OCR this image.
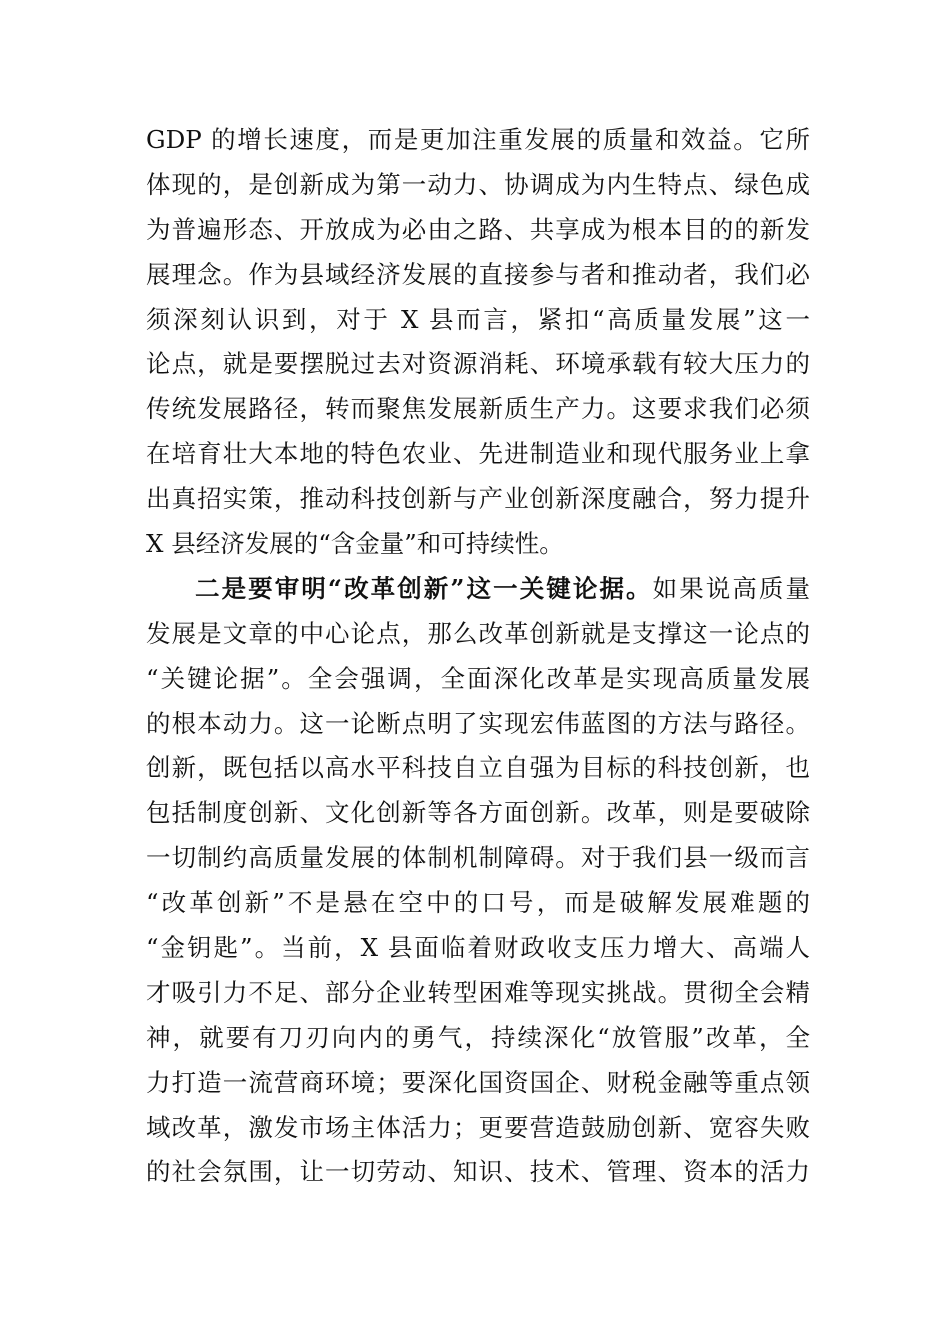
GDP 的增长速度，而是更加注重发展的质量和效益。它所
体现的，是创新成为第一动力、协调成为内生特点、绿色成
为普遍形态、开放成为必由之路、共享成为根本目的的新发
展理念。作为县域经济发展的直接参与者和推动者，我们必
须深刻认识到，对于 X 县而言，紧扣“高质量发展”这一
论点，就是要摆脱过去对资源消耗、环境承载有较大压力的
传统发展路径，转而聚焦发展新质生产力。这要求我们必须
在培育壮大本地的特色农业、先进制造业和现代服务业上拿
出真招实策，推动科技创新与产业创新深度融合，努力提升
X 县经济发展的“含金量”和可持续性。
二是要审明“改革创新”这一关键论据。如果说高质量
发展是文章的中心论点，那么改革创新就是支撑这一论点的
“关键论据”。全会强调，全面深化改革是实现高质量发展
的根本动力。这一论断点明了实现宏伟蓝图的方法与路径。
创新，既包括以高水平科技自立自强为目标的科技创新，也
包括制度创新、文化创新等各方面创新。改革，则是要破除
一切制约高质量发展的体制机制障碍。对于我们县一级而言
“改革创新”不是悬在空中的口号，而是破解发展难题的
“金钥匙”。当前，X 县面临着财政收支压力增大、高端人
才吸引力不足、部分企业转型困难等现实挑战。贯彻全会精
神，就要有刀刃向内的勇气，持续深化“放管服”改革，全
力打造一流营商环境；要深化国资国企、财税金融等重点领
域改革，激发市场主体活力；更要营造鼓励创新、宽容失败
的社会氛围，让一切劳动、知识、技术、管理、资本的活力
